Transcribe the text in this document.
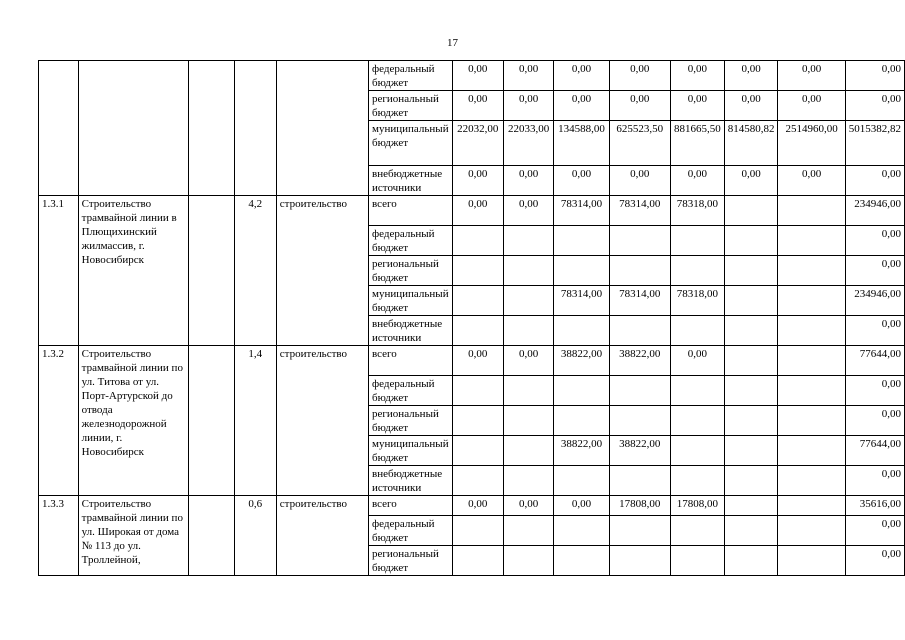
17
					федеральный бюджет	0,00	0,00	0,00	0,00	0,00	0,00	0,00	0,00
					региональный бюджет	0,00	0,00	0,00	0,00	0,00	0,00	0,00	0,00
					муниципальный бюджет	22032,00	22033,00	134588,00	625523,50	881665,50	814580,82	2514960,00	5015382,82
					внебюджетные источники	0,00	0,00	0,00	0,00	0,00	0,00	0,00	0,00
1.3.1	Строительство трамвайной линии в Плющихинский жилмассив, г. Новосибирск		4,2	строительство	всего	0,00	0,00	78314,00	78314,00	78318,00			234946,00
					федеральный бюджет								0,00
					региональный бюджет								0,00
					муниципальный бюджет			78314,00	78314,00	78318,00			234946,00
					внебюджетные источники								0,00
1.3.2	Строительство трамвайной линии по ул. Титова от ул. Порт-Артурской до отвода железнодорожной линии, г. Новосибирск		1,4	строительство	всего	0,00	0,00	38822,00	38822,00	0,00			77644,00
					федеральный бюджет								0,00
					региональный бюджет								0,00
					муниципальный бюджет			38822,00	38822,00				77644,00
					внебюджетные источники								0,00
1.3.3	Строительство трамвайной линии по ул. Широкая от дома № 113 до ул. Троллейной,		0,6	строительство	всего	0,00	0,00	0,00	17808,00	17808,00			35616,00
					федеральный бюджет								0,00
					региональный бюджет								0,00
